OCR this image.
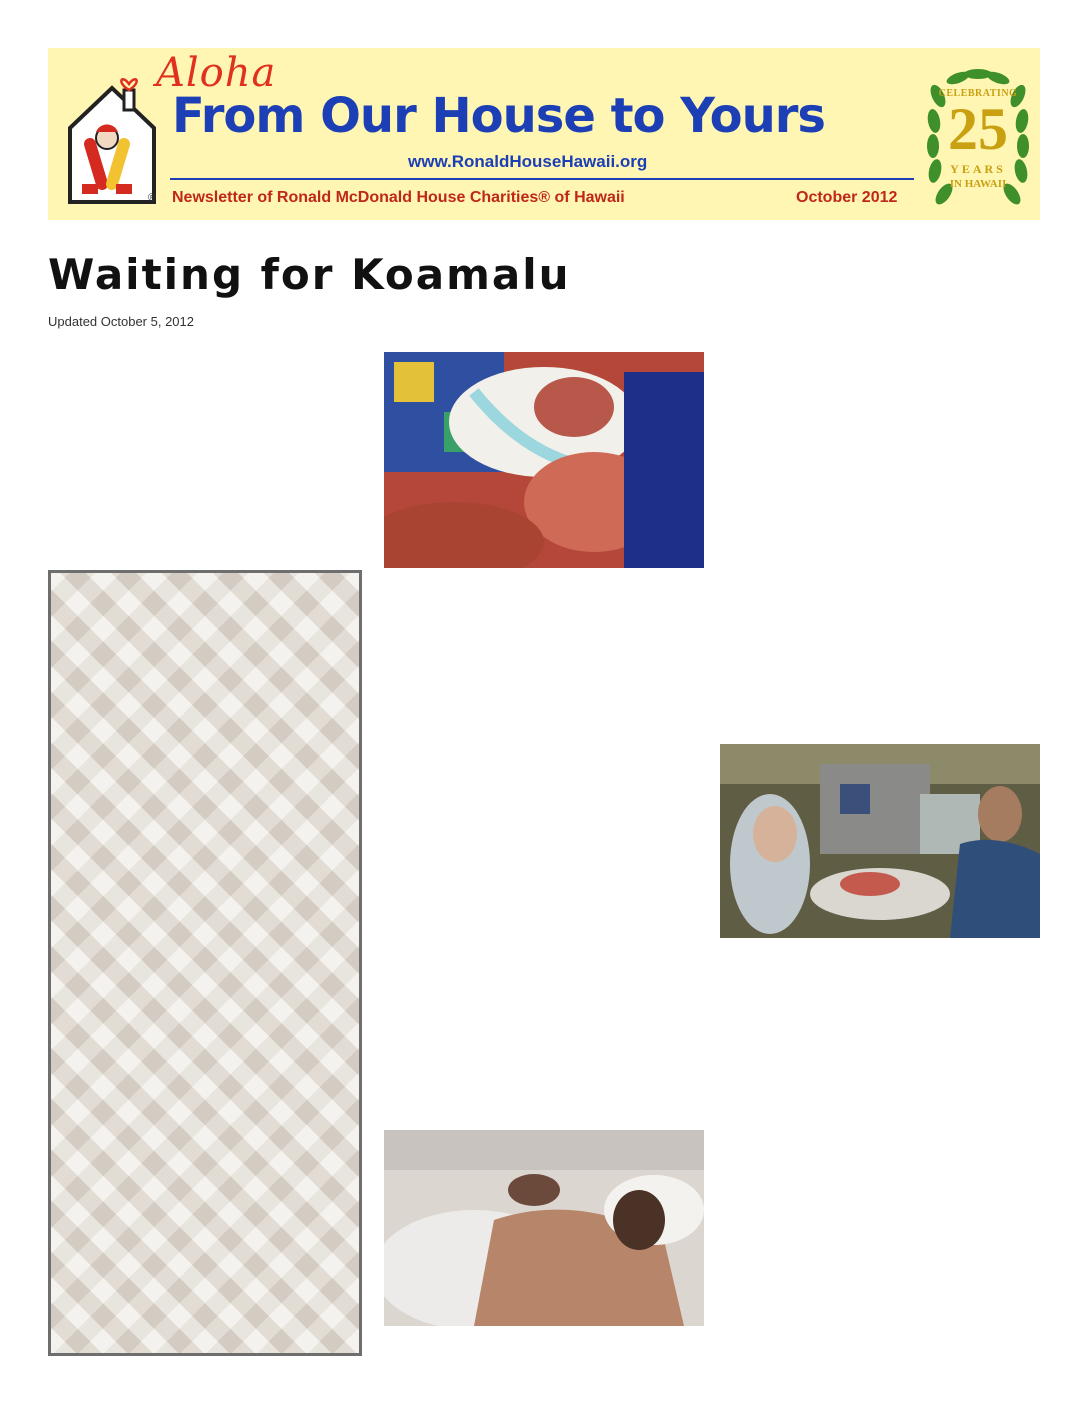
®
Aloha
From Our House to Yours
www.RonaldHouseHawaii.org
Newsletter of Ronald McDonald House Charities® of Hawaii	October 2012
CELEBRATING
25
YEARS
IN HAWAII
Waiting for Koamalu
Updated October 5, 2012
